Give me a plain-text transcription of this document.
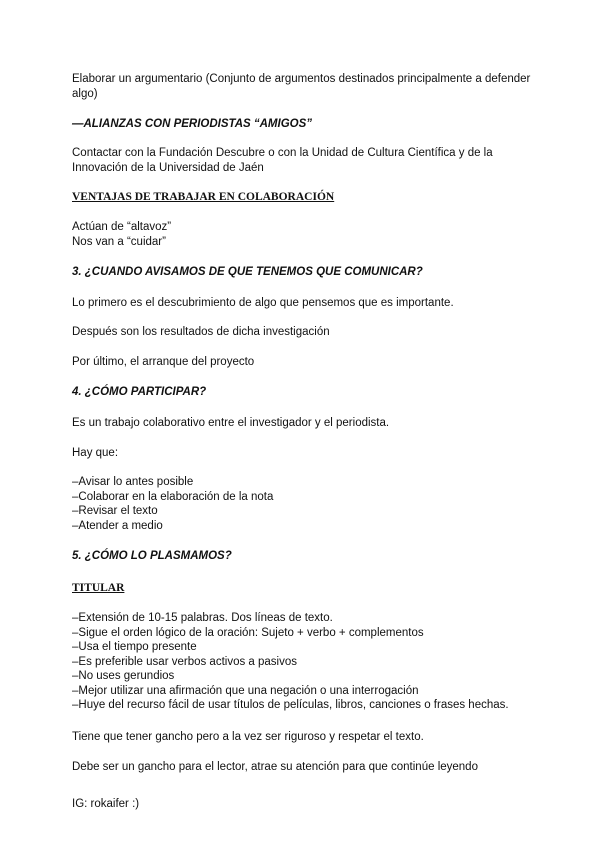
Elaborar un argumentario (Conjunto de argumentos destinados principalmente a defender
algo)

—ALIANZAS CON PERIODISTAS “AMIGOS”

Contactar con la Fundación Descubre o con la Unidad de Cultura Científica y de la
Innovación de la Universidad de Jaén

VENTAJAS DE TRABAJAR EN COLABORACIÓN

Actúan de “altavoz”
Nos van a “cuidar”

3. ¿CUANDO AVISAMOS DE QUE TENEMOS QUE COMUNICAR?

Lo primero es el descubrimiento de algo que pensemos que es importante.

Después son los resultados de dicha investigación

Por último, el arranque del proyecto

4. ¿CÓMO PARTICIPAR?

Es un trabajo colaborativo entre el investigador y el periodista.

Hay que:

–Avisar lo antes posible
–Colaborar en la elaboración de la nota
–Revisar el texto
–Atender a medio

5. ¿CÓMO LO PLASMAMOS?

TITULAR

–Extensión de 10-15 palabras. Dos líneas de texto.
–Sigue el orden lógico de la oración: Sujeto + verbo + complementos
–Usa el tiempo presente
–Es preferible usar verbos activos a pasivos
–No uses gerundios
–Mejor utilizar una afirmación que una negación o una interrogación
–Huye del recurso fácil de usar títulos de películas, libros, canciones o frases hechas.

Tiene que tener gancho pero a la vez ser riguroso y respetar el texto.

Debe ser un gancho para el lector, atrae su atención para que continúe leyendo

IG: rokaifer :)
